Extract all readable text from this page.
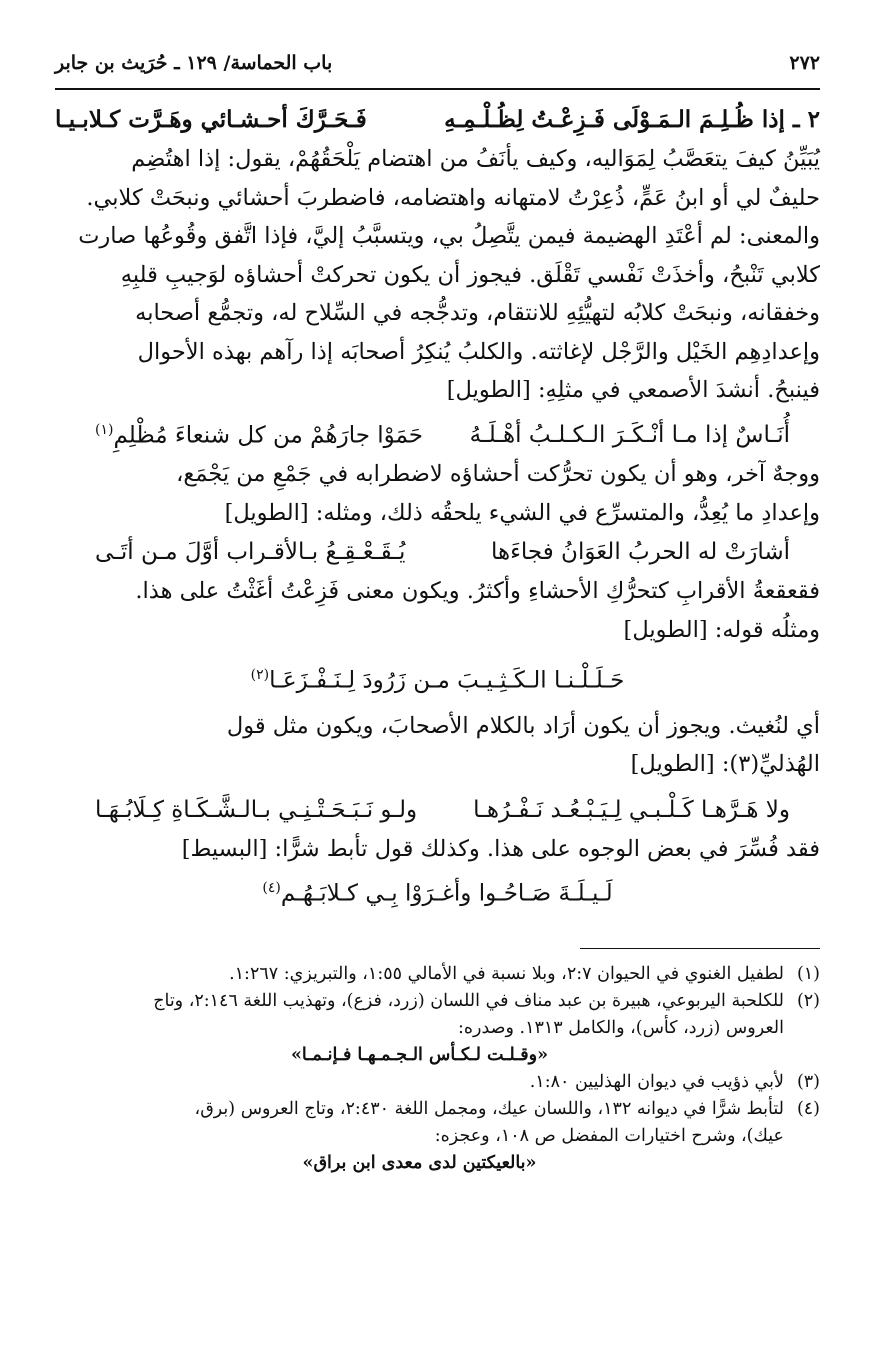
٢٧٢
باب الحماسة/ ١٢٩ ـ حُرَيث بن جابر
٢ ـ
إذا ظُـلِـمَ الـمَـوْلَى فَـزِعْـتُ لِظُـلْـمِـهِ
فَـحَـرَّكَ أحـشـائي وهَـرَّت كـلابـيـا

يُبَيِّنُ كيفَ يتعَصَّبُ لِمَوَاليه، وكيف يأنَفُ من اهتضام يَلْحَقُهُمْ، يقول: إذا اهتُضِم

حليفٌ لي أو ابنُ عَمٍّ، ذُعِرْتُ لامتهانه واهتضامه، فاضطربَ أحشائي ونبحَتْ كلابي.

والمعنى: لم أعْتَدِ الهضيمة فيمن يتَّصِلُ بي، ويتسبَّبُ إليَّ، فإذا اتَّفق وقُوعُها صارت

كلابي تَنْبحُ، وأخذَتْ نَفْسي تَقْلَق. فيجوز أن يكون تحركتْ أحشاؤه لوَجيبِ قلبِهِ

وخفقانه، ونبحَتْ كلابُه لتهيُّئِهِ للانتقام، وتدجُّجه في السِّلاح له، وتجمُّع أصحابه

وإعدادِهِم الخَيْل والرَّجْل لإغاثته. والكلبُ يُنكِرُ أصحابَه إذا رآهم بهذه الأحوال

فينبحُ. أنشدَ الأصمعي في مثلِهِ: [الطويل]

أُنَـاسٌ إذا مـا أنْـكَـرَ الـكـلـبُ أهْـلَـهُ
حَمَوْا جارَهُمْ من كل شنعاءَ مُظْلِمِ$^{(١)}$

ووجهٌ آخر، وهو أن يكون تحرُّكت أحشاؤه لاضطرابه في جَمْعِ من يَجْمَع،

وإعدادِ ما يُعِدُّ، والمتسرِّع في الشيء يلحقُه ذلك، ومثله: [الطويل]

أشارَتْ له الحربُ العَوَانُ فجاءَها
يُـقَـعْـقِـعُ بـالأقـراب أوَّلَ مـن أتَـى

فقعقعةُ الأقرابِ كتحرُّكِ الأحشاءِ وأكثرُ. ويكون معنى فَزِعْتُ أغَثْتُ على هذا.

ومثلُه قوله: [الطويل]

حَـلَـلْـنـا الـكَـثِـيـبَ مـن زَرُودَ لِـنَـفْـزَعَـا$^{(٢)}$

أي لنُغيث. ويجوز أن يكون أرَاد بالكلام الأصحابَ، ويكون مثل قول

الهُذليِّ(٣): [الطويل]

ولا هَـرَّهـا كَـلْـبـي لِـيَـبْـعُـد نَـفْـرُهـا
ولـو نَـبَـحَـتْـنِـي بـالـشَّـكَـاةِ كِـلَابُـهَـا

فقد فُسِّرَ في بعض الوجوه على هذا. وكذلك قول تأبط شرًّا: [البسيط]

لَـيـلَـةَ صَـاحُـوا وأغـرَوْا بِـي كـلابَـهُـم$^{(٤)}$
(١)
لطفيل الغنوي في الحيوان ٢:٧، وبلا نسبة في الأمالي ١:٥٥، والتبريزي: ١:٢٦٧.
(٢)
للكلحبة اليربوعي، هبيرة بن عبد مناف في اللسان (زرد، فزع)، وتهذيب اللغة ٢:١٤٦، وتاج
العروس (زرد، كأس)، والكامل ١٣١٣. وصدره:
«وقـلـت لـكـأس الـجـمـهـا فـإنـمـا»
(٣)
لأبي ذؤيب في ديوان الهذليين ١:٨٠.
(٤)
لتأبط شرًّا في ديوانه ١٣٢، واللسان عيك، ومجمل اللغة ٢:٤٣٠، وتاج العروس (برق،
عيك)، وشرح اختيارات المفضل ص ١٠٨، وعجزه:
«بالعيكتين لدى معدى ابن براق»
